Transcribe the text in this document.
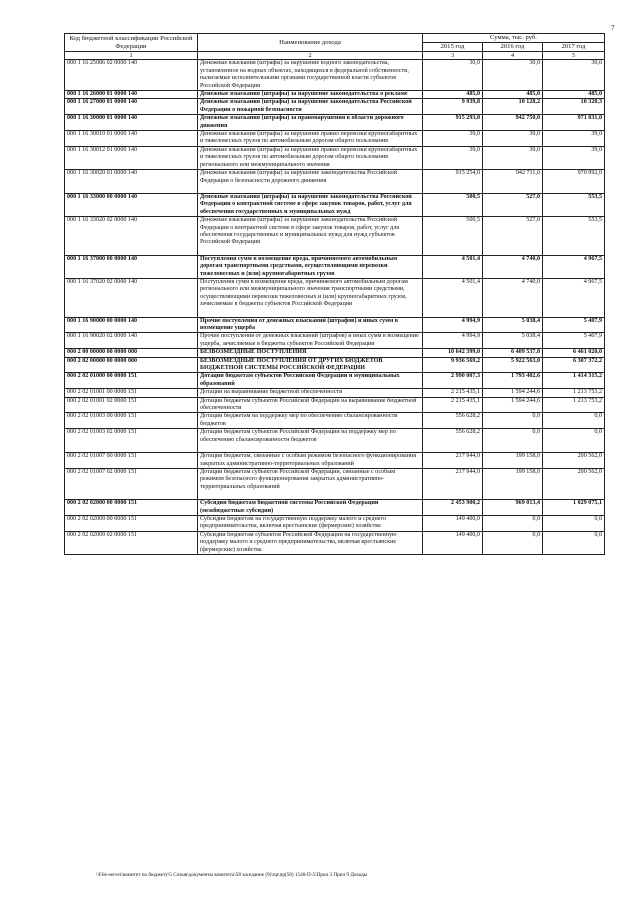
7
Код бюджетной классификации Российской Федерации	Наименование дохода	Сумма, тыс. руб.		
		2015 год	2016 год	2017 год
1	2	3	4	5
000 1 16 25086 02 0000 140	Денежные взыскания (штрафы) за нарушение водного законодательства, установленное на водных объектах, находящихся в федеральной собственности, налагаемые исполнительными органами государственной власти субъектов Российской Федерации	30,0	30,0	30,0
000 1 16 26000 01 0000 140	Денежные взыскания (штрафы) за нарушение законодательства о рекламе	485,0	485,0	485,0
000 1 16 27000 01 0000 140	Денежные взыскания (штрафы) за нарушение законодательства Российской Федерации о пожарной безопасности	9 939,8	10 128,2	10 320,3
000 1 16 30000 01 0000 140	Денежные взыскания (штрафы) за правонарушения в области дорожного движения	915 293,0	942 750,0	971 031,0
000 1 16 30010 01 0000 140	Денежные взыскания (штрафы) за нарушение правил перевозки крупногабаритных и тяжеловесных грузов по автомобильным дорогам общего пользования	39,0	39,0	39,0
000 1 16 30012 01 0000 140	Денежные взыскания (штрафы) за нарушение правил перевозки крупногабаритных и тяжеловесных грузов по автомобильным дорогам общего пользования регионального или межмуниципального значения	39,0	39,0	39,0
000 1 16 30020 01 0000 140	Денежные взыскания (штрафы) за нарушение законодательства Российской Федерации о безопасности дорожного движения	915 254,0	942 711,0	970 992,0
000 1 16 33000 00 0000 140	Денежные взыскания (штрафы) за нарушение законодательства Российской Федерации о контрактной системе в сфере закупок товаров, работ, услуг для обеспечения государственных и муниципальных нужд	500,5	527,0	553,5
000 1 16 33020 02 0000 140	Денежные взыскания (штрафы) за нарушение законодательства Российской Федерации о контрактной системе в сфере закупок товаров, работ, услуг для обеспечения государственных и муниципальных нужд для нужд субъектов Российской Федерации	500,5	527,0	553,5
000 1 16 37000 00 0000 140	Поступления сумм в возмещение вреда, причиняемого автомобильным дорогам транспортными средствами, осуществляющими перевозки тяжеловесных и (или) крупногабаритных грузов	4 501,4	4 740,0	4 967,5
000 1 16 37020 02 0000 140	Поступления сумм в возмещение вреда, причиняемого автомобильным дорогам регионального или межмуниципального значения транспортными средствами, осуществляющими перевозки тяжеловесных и (или) крупногабаритных грузов, зачисляемые в бюджеты субъектов Российской Федерации	4 501,4	4 740,0	4 967,5
000 1 16 90000 00 0000 140	Прочие поступления от денежных взысканий (штрафов) и иных сумм в возмещение ущерба	4 994,9	5 038,4	5 407,9
000 1 16 90020 02 0000 140	Прочие поступления от денежных взысканий (штрафов) и иных сумм в возмещение ущерба, зачисляемые в бюджеты субъектов Российской Федерации	4 994,9	5 038,4	5 407,9
000 2 00 00000 00 0000 000	БЕЗВОЗМЕЗДНЫЕ ПОСТУПЛЕНИЯ	10 642 399,0	6 409 537,0	6 461 020,0
000 2 02 00000 00 0000 000	БЕЗВОЗМЕЗДНЫЕ ПОСТУПЛЕНИЯ ОТ ДРУГИХ БЮДЖЕТОВ БЮДЖЕТНОЙ СИСТЕМЫ РОССИЙСКОЙ ФЕДЕРАЦИИ	9 936 569,2	5 922 563,0	6 307 372,2
000 2 02 01000 00 0000 151	Дотации бюджетам субъектов Российской Федерации и муниципальных образований	2 990 007,3	1 793 402,6	1 414 315,2
000 2 02 01001 00 0000 151	Дотации на выравнивание бюджетной обеспеченности	2 215 435,1	1 594 244,6	1 213 753,2
000 2 02 01001 02 0000 151	Дотации бюджетам субъектов Российской Федерации на выравнивание бюджетной обеспеченности	2 215 435,1	1 594 244,6	1 213 753,2
000 2 02 01003 00 0000 151	Дотации бюджетам на поддержку мер по обеспечению сбалансированности бюджетов	556 628,2	0,0	0,0
000 2 02 01003 02 0000 151	Дотации бюджетам субъектов Российской Федерации на поддержку мер по обеспечению сбалансированности бюджетов	556 628,2	0,0	0,0
000 2 02 01007 00 0000 151	Дотации бюджетам, связанные с особым режимом безопасного функционирования закрытых административно-территориальных образований	217 944,0	199 158,0	200 562,0
000 2 02 01007 02 0000 151	Дотации бюджетам субъектов Российской Федерации, связанные с особым режимом безопасного функционирования закрытых административно-территориальных образований	217 944,0	199 158,0	200 562,0
000 2 02 02000 00 0000 151	Субсидии бюджетам бюджетной системы Российской Федерации (межбюджетные субсидии)	2 453 900,2	969 013,4	1 029 075,1
000 2 02 02009 00 0000 151	Субсидии бюджетам на государственную поддержку малого и среднего предпринимательства, включая крестьянские (фермерские) хозяйства	149 400,0	0,0	0,0
000 2 02 02009 02 0000 151	Субсидии бюджетам субъектов Российской Федерации на государственную поддержку малого и среднего предпринимательства, включая крестьянские (фермерские) хозяйства	149 400,0	0,0	0,0
\\File-server\комитет по бюджету\5 Созыв\документы комитета\58 заседание (9)\пр\пр(58) 1540-П-5\Прил 3 Прил 9 Доходы
